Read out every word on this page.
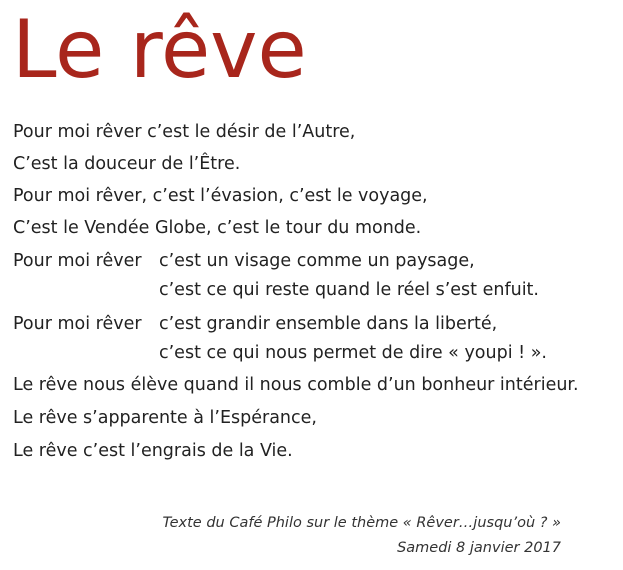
Le rêve
Pour moi rêver c’est le désir de l’Autre,
C’est la douceur de l’Être.
Pour moi rêver, c’est l’évasion, c’est le voyage,
C’est le Vendée Globe, c’est le tour du monde.
Pour moi rêver c’est un visage comme un paysage,
c’est ce qui reste quand le réel s’est enfuit.
Pour moi rêver c’est grandir ensemble dans la liberté,
c’est ce qui nous permet de dire « youpi ! ».
Le rêve nous élève quand il nous comble d’un bonheur intérieur.
Le rêve s’apparente à l’Espérance,
Le rêve c’est l’engrais de la Vie.
Texte du Café Philo sur le thème « Rêver…jusqu’où ? »
Samedi 8 janvier 2017
